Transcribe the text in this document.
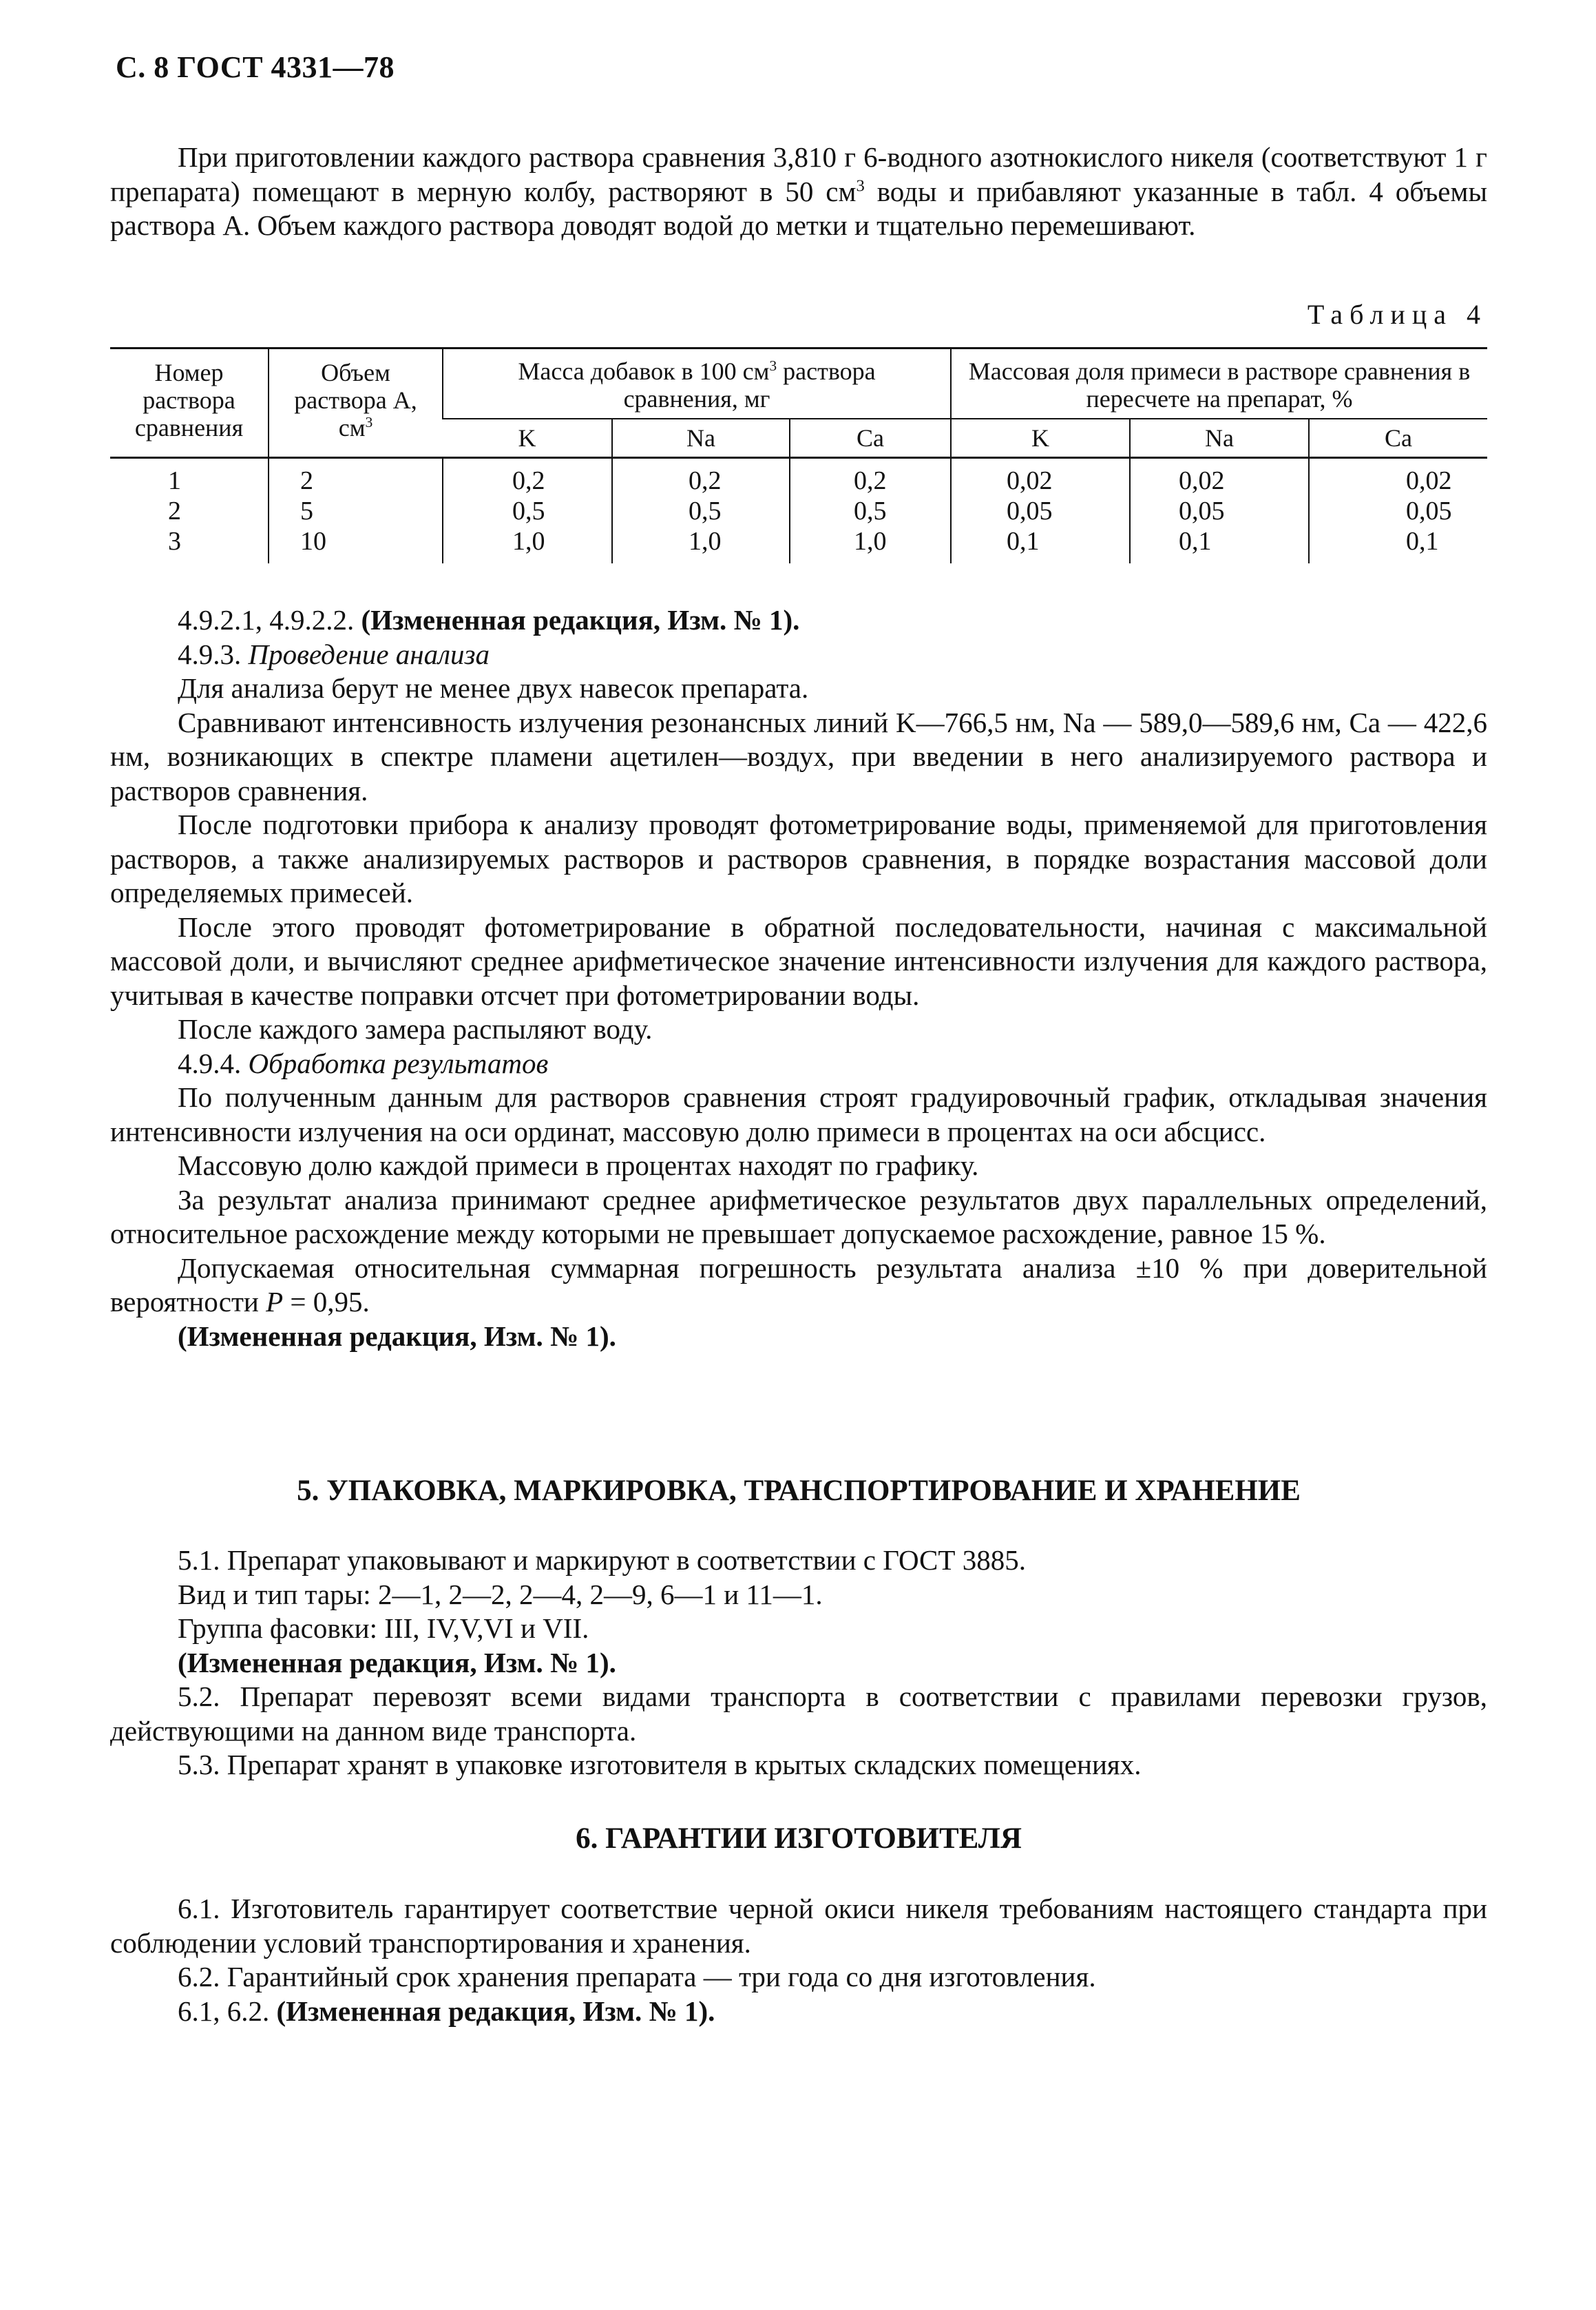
С. 8 ГОСТ 4331—78

При приготовлении каждого раствора сравнения 3,810 г 6-водного азотнокислого никеля (соответствуют 1 г препарата) помещают в мерную колбу, растворяют в 50 $см^3$ воды и прибавляют указанные в табл. 4 объемы раствора А. Объем каждого раствора доводят водой до метки и тщательно перемешивают.

Таблица 4
Номер раствора сравнения	Объем раствора А, $см^3$	Масса добавок в 100 $см^3$ раствора сравнения, мг			Массовая доля примеси в растворе сравнения в пересчете на препарат, %		
		K	Na	Ca	K	Na	Ca
1	2	0,2	0,2	0,2	0,02	0,02	0,02
2	5	0,5	0,5	0,5	0,05	0,05	0,05
3	10	1,0	1,0	1,0	0,1	0,1	0,1

4.9.2.1, 4.9.2.2. (Измененная редакция, Изм. № 1).

4.9.3. Проведение анализа

Для анализа берут не менее двух навесок препарата.

Сравнивают интенсивность излучения резонансных линий K—766,5 нм, Na — 589,0—589,6 нм, Ca — 422,6 нм, возникающих в спектре пламени ацетилен—воздух, при введении в него анализируемого раствора и растворов сравнения.

После подготовки прибора к анализу проводят фотометрирование воды, применяемой для приготовления растворов, а также анализируемых растворов и растворов сравнения, в порядке возрастания массовой доли определяемых примесей.

После этого проводят фотометрирование в обратной последовательности, начиная с максимальной массовой доли, и вычисляют среднее арифметическое значение интенсивности излучения для каждого раствора, учитывая в качестве поправки отсчет при фотометрировании воды.

После каждого замера распыляют воду.

4.9.4. Обработка результатов

По полученным данным для растворов сравнения строят градуировочный график, откладывая значения интенсивности излучения на оси ординат, массовую долю примеси в процентах на оси абсцисс.

Массовую долю каждой примеси в процентах находят по графику.

За результат анализа принимают среднее арифметическое результатов двух параллельных определений, относительное расхождение между которыми не превышает допускаемое расхождение, равное 15 %.

Допускаемая относительная суммарная погрешность результата анализа ±10 % при доверительной вероятности P = 0,95.

(Измененная редакция, Изм. № 1).

5. УПАКОВКА, МАРКИРОВКА, ТРАНСПОРТИРОВАНИЕ И ХРАНЕНИЕ

5.1. Препарат упаковывают и маркируют в соответствии с ГОСТ 3885.

Вид и тип тары: 2—1, 2—2, 2—4, 2—9, 6—1 и 11—1.

Группа фасовки: III, IV,V,VI и VII.

(Измененная редакция, Изм. № 1).

5.2. Препарат перевозят всеми видами транспорта в соответствии с правилами перевозки грузов, действующими на данном виде транспорта.

5.3. Препарат хранят в упаковке изготовителя в крытых складских помещениях.

6. ГАРАНТИИ ИЗГОТОВИТЕЛЯ

6.1. Изготовитель гарантирует соответствие черной окиси никеля требованиям настоящего стандарта при соблюдении условий транспортирования и хранения.

6.2. Гарантийный срок хранения препарата — три года со дня изготовления.

6.1, 6.2. (Измененная редакция, Изм. № 1).
